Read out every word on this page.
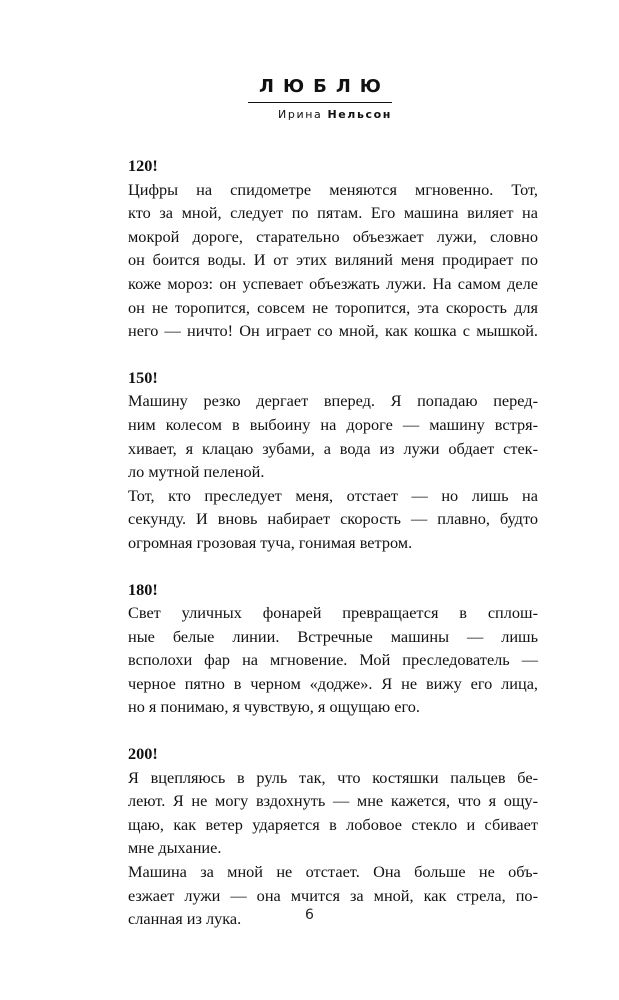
ЛЮБЛЮ
Ирина Нельсон
120!
Цифры на спидометре меняются мгновенно. Тот,
кто за мной, следует по пятам. Его машина виляет на
мокрой дороге, старательно объезжает лужи, словно
он боится воды. И от этих виляний меня продирает по
коже мороз: он успевает объезжать лужи. На самом деле
он не торопится, совсем не торопится, эта скорость для
него — ничто! Он играет со мной, как кошка с мышкой.
150!
Машину резко дергает вперед. Я попадаю перед-
ним колесом в выбоину на дороге — машину встря-
хивает, я клацаю зубами, а вода из лужи обдает стек-
ло мутной пеленой.
Тот, кто преследует меня, отстает — но лишь на
секунду. И вновь набирает скорость — плавно, будто
огромная грозовая туча, гонимая ветром.
180!
Свет уличных фонарей превращается в сплош-
ные белые линии. Встречные машины — лишь
всполохи фар на мгновение. Мой преследователь —
черное пятно в черном «додже». Я не вижу его лица,
но я понимаю, я чувствую, я ощущаю его.
200!
Я вцепляюсь в руль так, что костяшки пальцев бе-
леют. Я не могу вздохнуть — мне кажется, что я ощу-
щаю, как ветер ударяется в лобовое стекло и сбивает
мне дыхание.
Машина за мной не отстает. Она больше не объ-
езжает лужи — она мчится за мной, как стрела, по-
сланная из лука.	6
